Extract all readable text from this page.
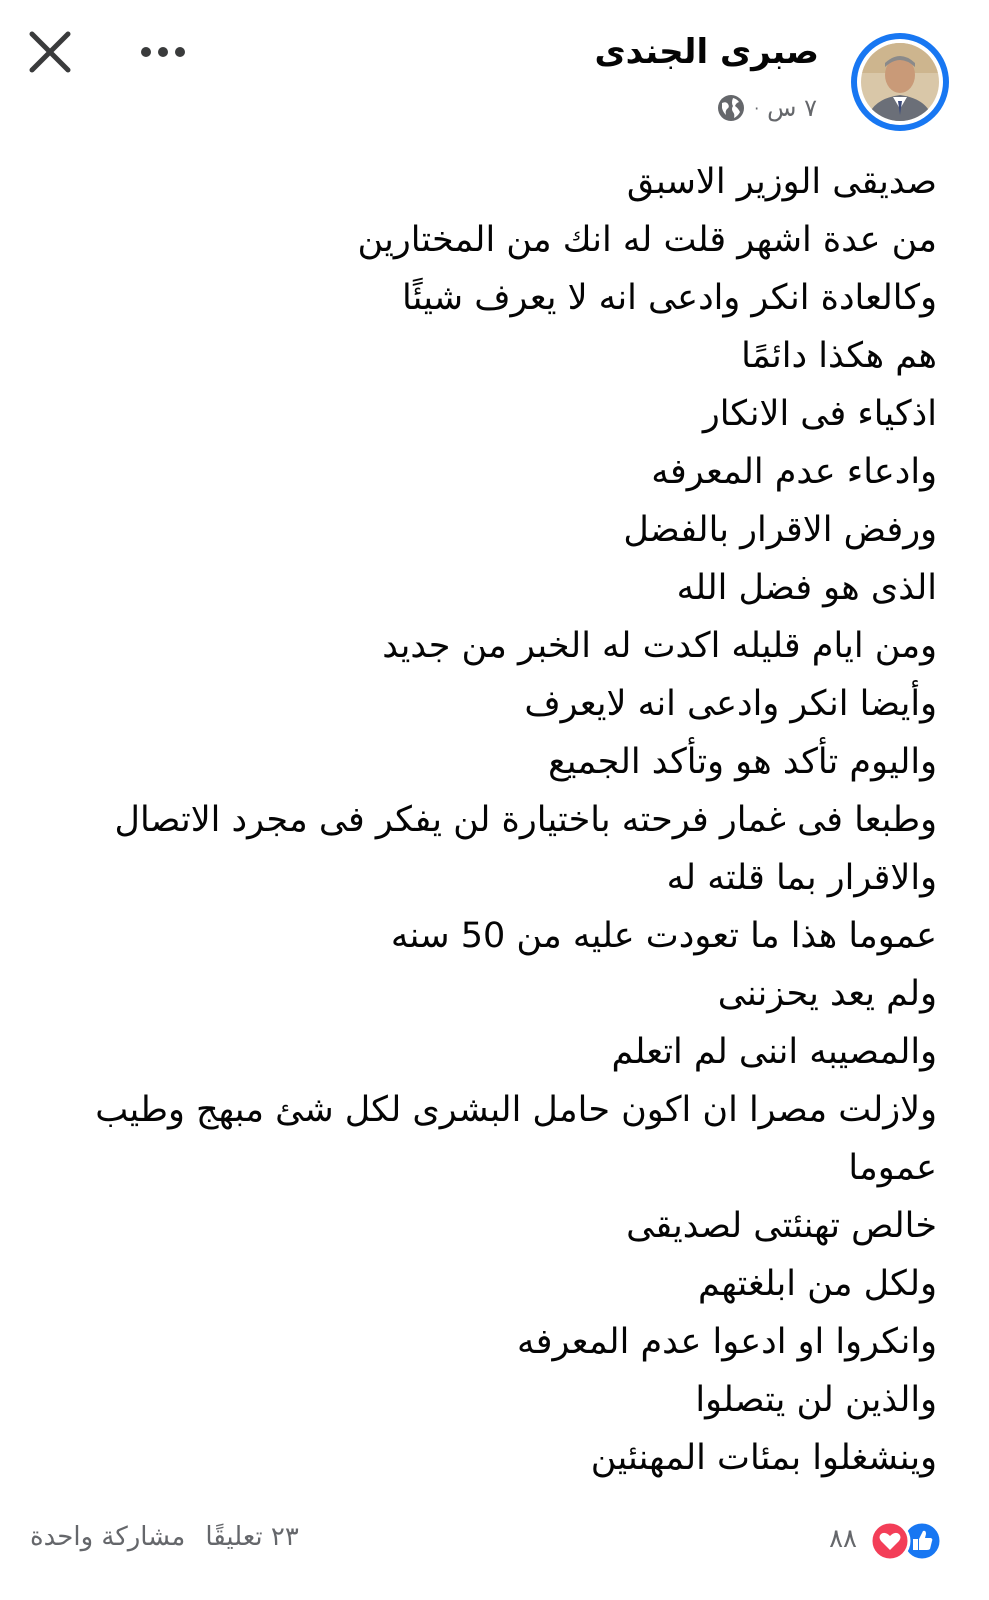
صبرى الجندى
٧ س
·
صديقى الوزير الاسبق
من عدة اشهر قلت له انك من المختارين
وكالعادة انكر وادعى انه لا يعرف شيئًا
هم هكذا دائمًا
اذكياء فى الانكار
وادعاء عدم المعرفه
ورفض الاقرار بالفضل
الذى هو فضل الله
ومن ايام قليله اكدت له الخبر من جديد
وأيضا انكر وادعى انه لايعرف
واليوم تأكد هو وتأكد الجميع
وطبعا فى غمار فرحته باختيارة لن يفكر فى مجرد الاتصال
والاقرار بما قلته له
عموما هذا ما تعودت عليه من 50 سنه
ولم يعد يحزننى
والمصيبه اننى لم اتعلم
ولازلت مصرا ان اكون حامل البشرى لكل شئ مبهج وطيب
عموما
خالص تهنئتى لصديقى
ولكل من ابلغتهم
وانكروا او ادعوا عدم المعرفه
والذين لن يتصلوا
وينشغلوا بمئات المهنئين
٨٨
٢٣ تعليقًا
مشاركة واحدة
